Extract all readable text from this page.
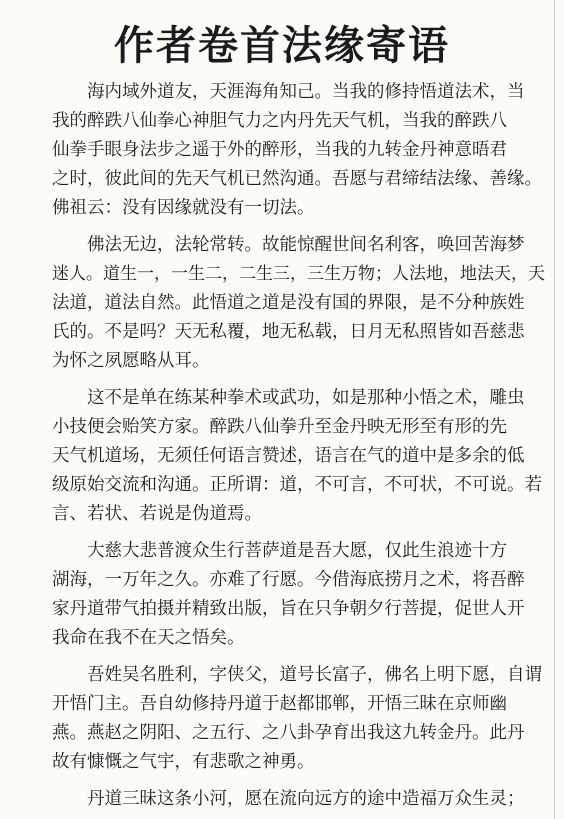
作者卷首法缘寄语
　　海内域外道友，天涯海角知己。当我的修持悟道法术，当
我的醉跌八仙拳心神胆气力之内丹先天气机，当我的醉跌八
仙拳手眼身法步之遥于外的醉形，当我的九转金丹神意晤君
之时，彼此间的先天气机已然沟通。吾愿与君缔结法缘、善缘。
佛祖云：没有因缘就没有一切法。
　　佛法无边，法轮常转。故能惊醒世间名利客，唤回苦海梦
迷人。道生一，一生二，二生三，三生万物；人法地，地法天，天
法道，道法自然。此悟道之道是没有国的界限，是不分种族姓
氏的。不是吗？天无私覆，地无私载，日月无私照皆如吾慈悲
为怀之夙愿略从耳。
　　这不是单在练某种拳术或武功，如是那种小悟之术，雕虫
小技便会贻笑方家。醉跌八仙拳升至金丹映无形至有形的先
天气机道场，无须任何语言赞述，语言在气的道中是多余的低
级原始交流和沟通。正所谓：道，不可言，不可状，不可说。若
言、若状、若说是伪道焉。
　　大慈大悲普渡众生行菩萨道是吾大愿，仅此生浪迹十方
湖海，一万年之久。亦难了行愿。今借海底捞月之术，将吾醉
家丹道带气拍摄并精致出版，旨在只争朝夕行菩提，促世人开
我命在我不在天之悟矣。
　　吾姓吴名胜利，字侠父，道号长富子，佛名上明下愿，自谓
开悟门主。吾自幼修持丹道于赵都邯郸，开悟三昧在京师幽
燕。燕赵之阴阳、之五行、之八卦孕育出我这九转金丹。此丹
故有慷慨之气宇，有悲歌之神勇。
　　丹道三昧这条小河，愿在流向远方的途中造福万众生灵；
